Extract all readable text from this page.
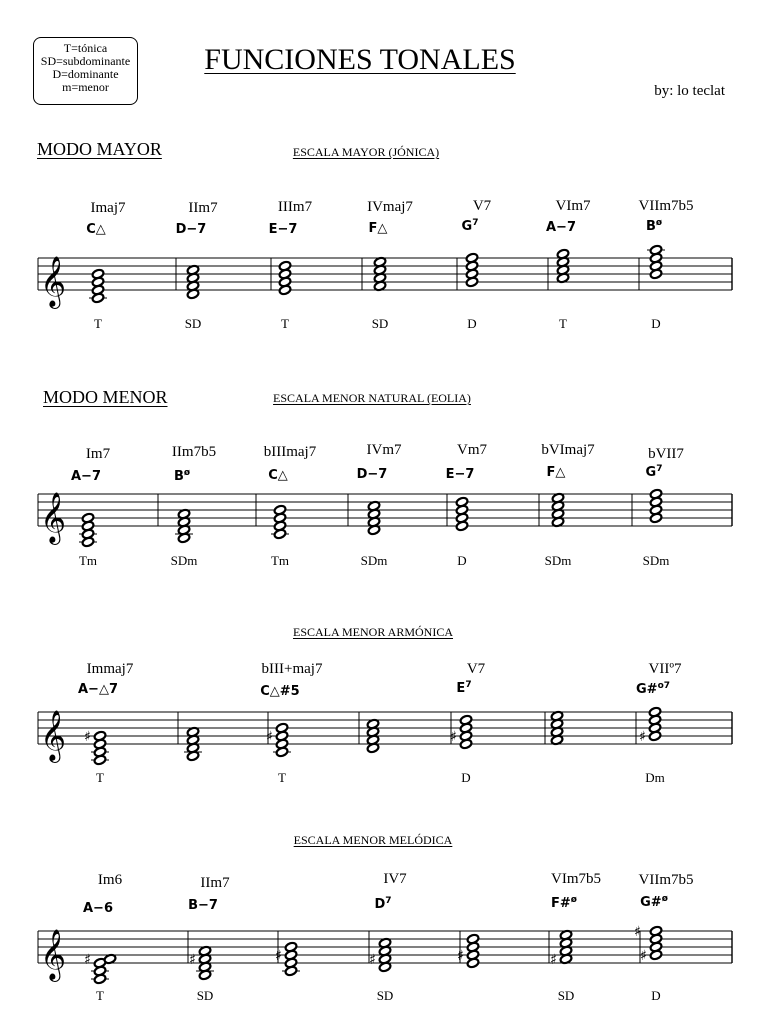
T=tónica
SD=subdominante
D=dominante
m=menor
FUNCIONES TONALES
by: lo teclat
MODO MAYOR
MODO MENOR
ESCALA MAYOR (JÓNICA)
ESCALA MENOR NATURAL (EOLIA)
ESCALA MENOR ARMÓNICA
ESCALA MENOR MELÓDICA
𝄞
Imaj7
C△
T
IIm7
D−7
SD
IIIm7
E−7
T
IVmaj7
F△
SD
V7
$G^7$
D
VIm7
A−7
T
VIIm7b5
$B^ø$
D
𝄞
Im7
A−7
Tm
IIm7b5
$B^ø$
SDm
bIIImaj7
C△
Tm
IVm7
D−7
SDm
Vm7
E−7
D
bVImaj7
F△
SDm
bVII7
$G^7$
SDm
𝄞 ♯
Immaj7
A−△7
T
♯
bIII+maj7
C△#5
T
♯
V7
$E^7$
D
♯
VIIº7
G#$^{o7}$
Dm
𝄞 ♯
Im6
A−6
T
♯
IIm7
B−7
SD
♯	♯
IV7
$D^7$
SD
♯	♯
VIm7b5
F#$^ø$
SD
♯
♯
VIIm7b5
G#$^ø$
D
